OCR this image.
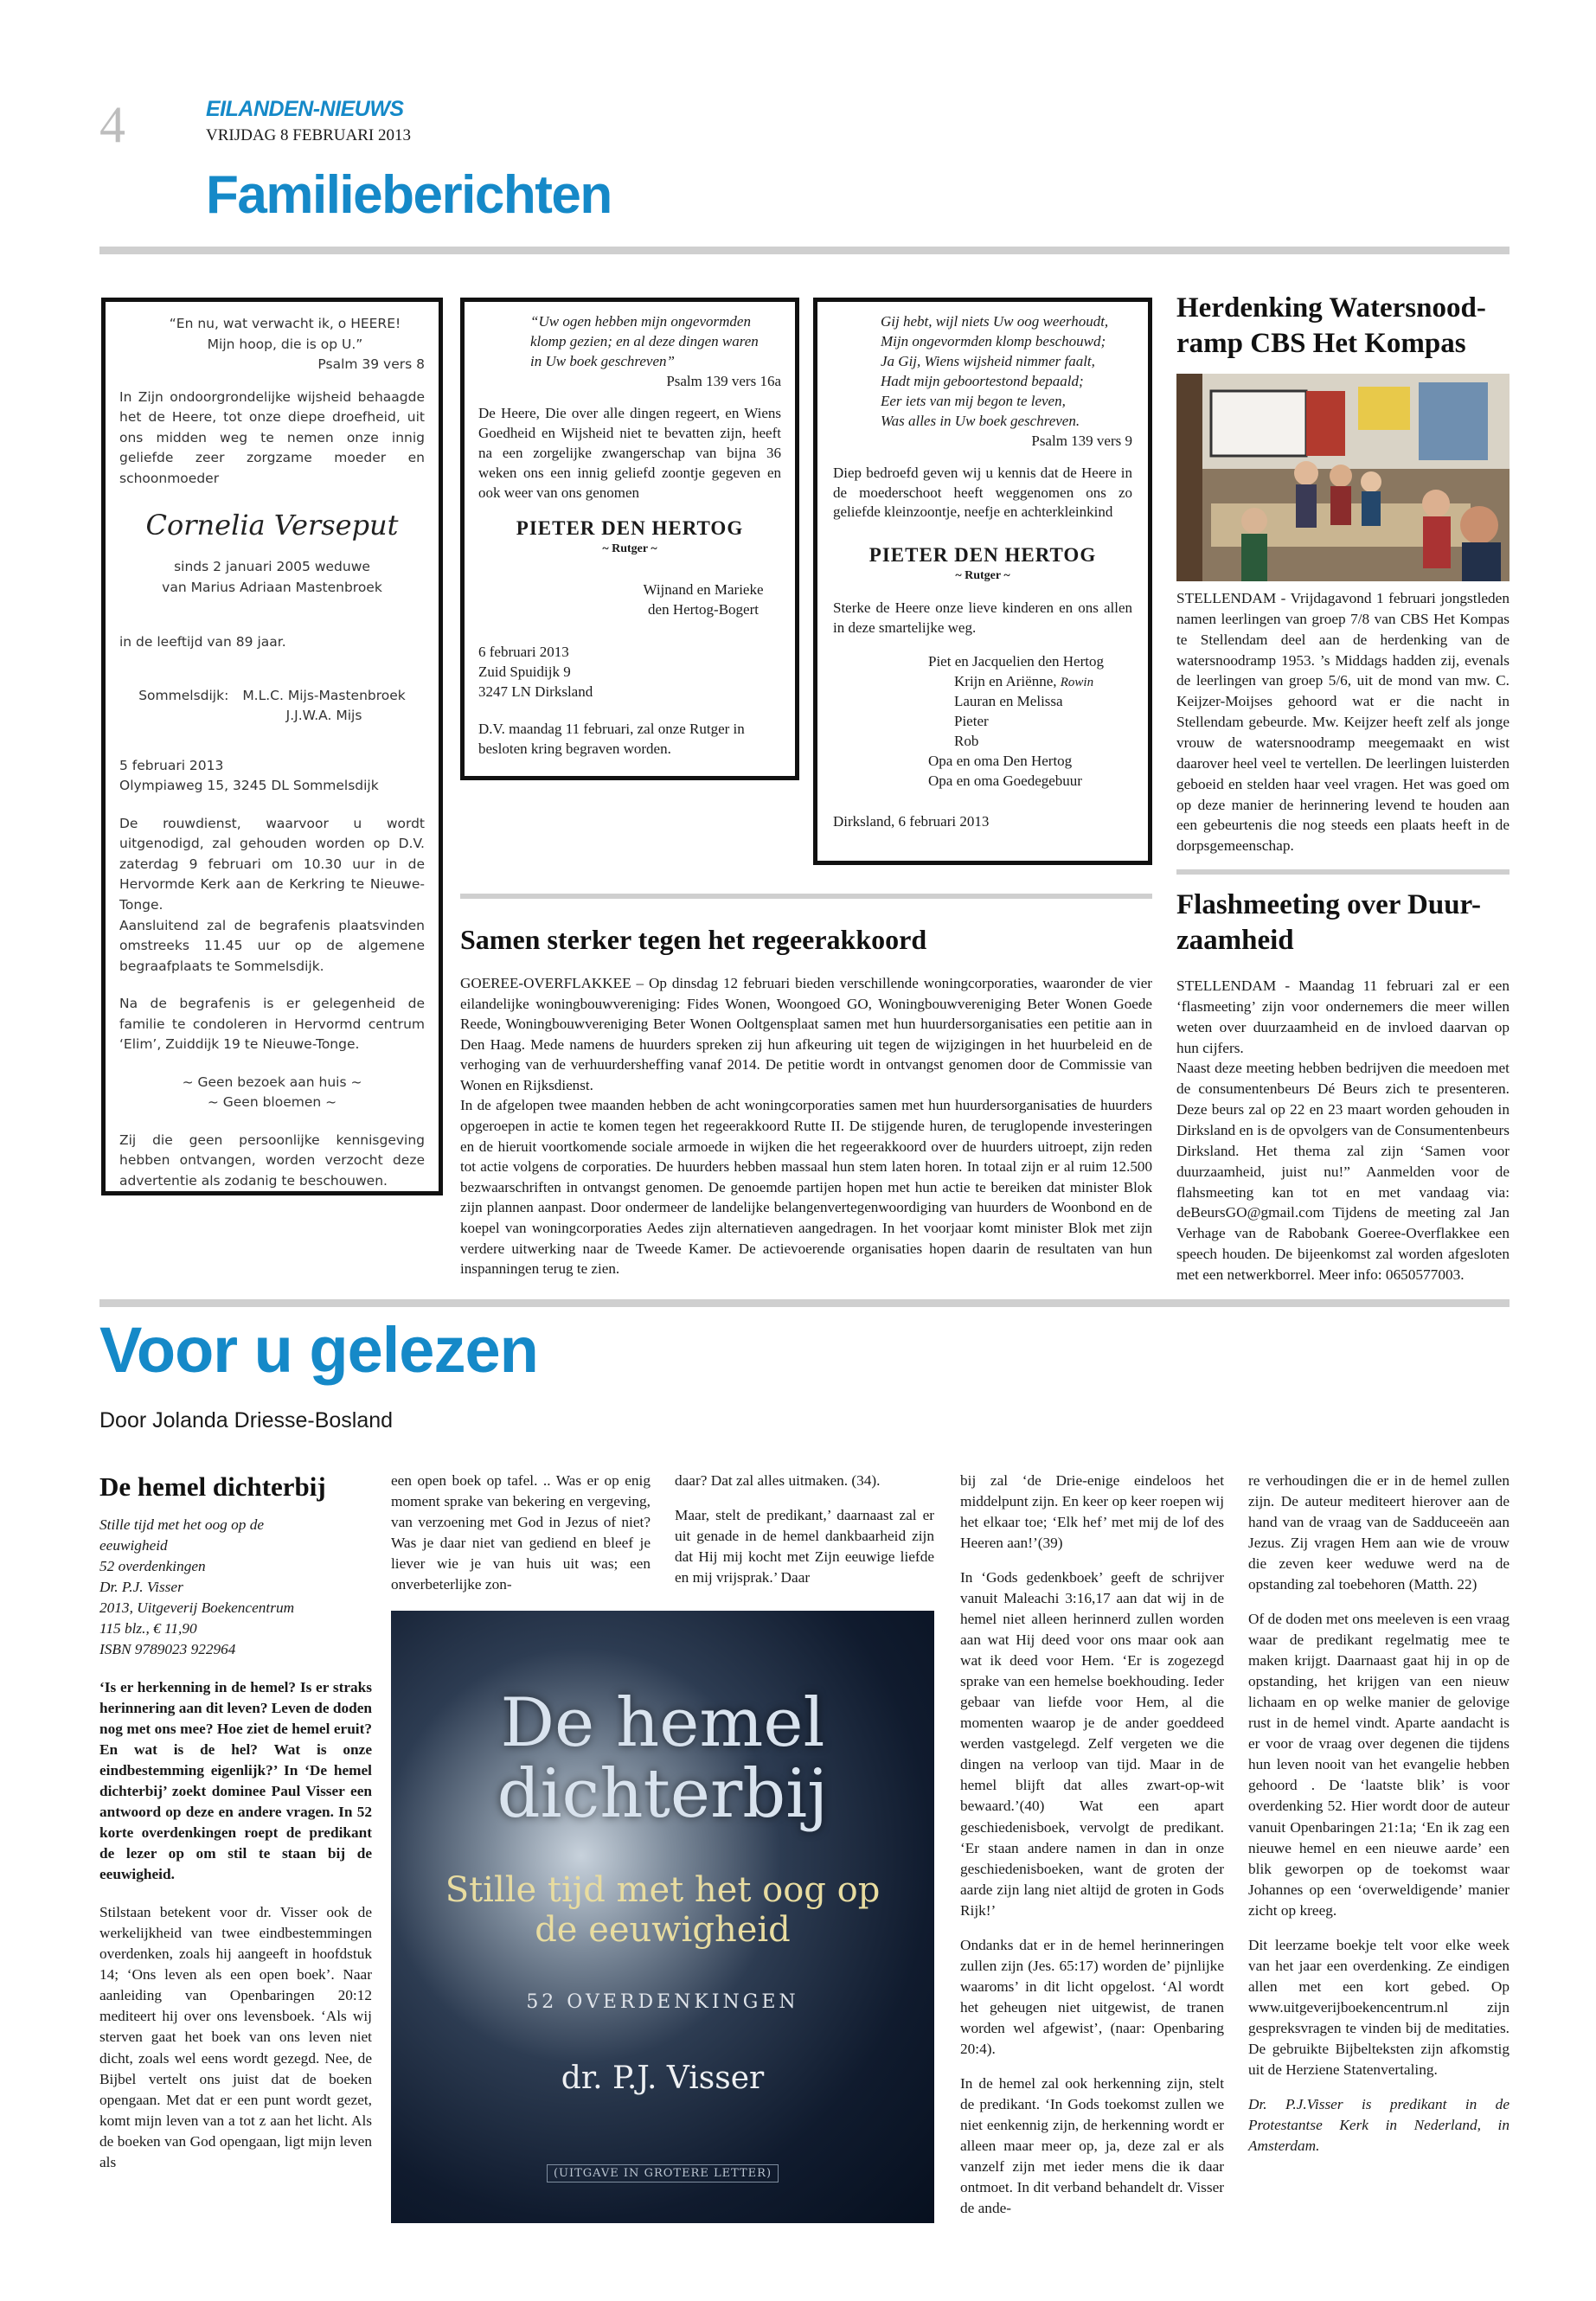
4	EILANDEN-NIEUWS
VRIJDAG 8 FEBRUARI 2013
Familieberichten
“En nu, wat verwacht ik, o HEERE!
Mijn hoop, die is op U.”
Psalm 39 vers 8
In Zijn ondoorgrondelijke wijsheid behaagde het de Heere, tot onze diepe droefheid, uit ons midden weg te nemen onze innig geliefde zeer zorgzame moeder en schoonmoeder
Cornelia Verseput
sinds 2 januari 2005 weduwe
van Marius Adriaan Mastenbroek
in de leeftijd van 89 jaar.
Sommelsdijk: M.L.C. Mijs-Mastenbroek
J.J.W.A. Mijs
5 februari 2013
Olympiaweg 15, 3245 DL Sommelsdijk
De rouwdienst, waarvoor u wordt uitgenodigd, zal gehouden worden op D.V. zaterdag 9 februari om 10.30 uur in de Hervormde Kerk aan de Kerkring te Nieuwe-Tonge.
Aansluitend zal de begrafenis plaatsvinden omstreeks 11.45 uur op de algemene begraafplaats te Sommelsdijk.
Na de begrafenis is er gelegenheid de familie te condoleren in Hervormd centrum ‘Elim’, Zuiddijk 19 te Nieuwe-Tonge.
~ Geen bezoek aan huis ~
~ Geen bloemen ~
Zij die geen persoonlijke kennisgeving hebben ontvangen, worden verzocht deze advertentie als zodanig te beschouwen.
“Uw ogen hebben mijn ongevormden
klomp gezien; en al deze dingen waren
in Uw boek geschreven”
Psalm 139 vers 16a
De Heere, Die over alle dingen regeert, en Wiens Goedheid en Wijsheid niet te bevatten zijn, heeft na een zorgelijke zwangerschap van bijna 36 weken ons een innig geliefd zoontje gegeven en ook weer van ons genomen
PIETER DEN HERTOG
~ Rutger ~
Wijnand en Marieke
den Hertog-Bogert
6 februari 2013
Zuid Spuidijk 9
3247 LN Dirksland
D.V. maandag 11 februari, zal onze Rutger in besloten kring begraven worden.
Gij hebt, wijl niets Uw oog weerhoudt,
Mijn ongevormden klomp beschouwd;
Ja Gij, Wiens wijsheid nimmer faalt,
Hadt mijn geboortestond bepaald;
Eer iets van mij begon te leven,
Was alles in Uw boek geschreven.
Psalm 139 vers 9
Diep bedroefd geven wij u kennis dat de Heere in de moederschoot heeft weggenomen ons zo geliefde kleinzoontje, neefje en achterkleinkind
PIETER DEN HERTOG
~ Rutger ~
Sterke de Heere onze lieve kinderen en ons allen in deze smartelijke weg.
Piet en Jacquelien den Hertog
Krijn en Ariënne, Rowin
Lauran en Melissa
Pieter
Rob
Opa en oma Den Hertog
Opa en oma Goedegebuur
Dirksland, 6 februari 2013
Herdenking Watersnood-
ramp CBS Het Kompas
STELLENDAM - Vrijdagavond 1 februari jongstleden namen leerlingen van groep 7/8 van CBS Het Kompas te Stellendam deel aan de herdenking van de watersnoodramp 1953. ’s Middags hadden zij, evenals de leerlingen van groep 5/6, uit de mond van mw. C. Keijzer-Moijses gehoord wat er die nacht in Stellendam gebeurde. Mw. Keijzer heeft zelf als jonge vrouw de watersnoodramp meegemaakt en wist daarover heel veel te vertellen. De leerlingen luisterden geboeid en stelden haar veel vragen. Het was goed om op deze manier de herinnering levend te houden aan een gebeurtenis die nog steeds een plaats heeft in de dorpsgemeenschap.
Flashmeeting over Duur-
zaamheid
STELLENDAM - Maandag 11 februari zal er een ‘flasmeeting’ zijn voor ondernemers die meer willen weten over duurzaamheid en de invloed daarvan op hun cijfers.
Naast deze meeting hebben bedrijven die meedoen met de consumentenbeurs Dé Beurs zich te presenteren. Deze beurs zal op 22 en 23 maart worden gehouden in Dirksland en is de opvolgers van de Consumentenbeurs Dirksland. Het thema zal zijn ‘Samen voor duurzaamheid, juist nu!” Aanmelden voor de flahsmeeting kan tot en met vandaag via: deBeursGO@gmail.com Tijdens de meeting zal Jan Verhage van de Rabobank Goeree-Overflakkee een speech houden. De bijeenkomst zal worden afgesloten met een netwerkborrel. Meer info: 0650577003.
Samen sterker tegen het regeerakkoord
GOEREE-OVERFLAKKEE – Op dinsdag 12 februari bieden verschillende woningcorporaties, waaronder de vier eilandelijke woningbouwvereniging: Fides Wonen, Woongoed GO, Woningbouwvereniging Beter Wonen Goede Reede, Woningbouwvereniging Beter Wonen Ooltgensplaat samen met hun huurdersorganisaties een petitie aan in Den Haag. Mede namens de huurders spreken zij hun afkeuring uit tegen de wijzigingen in het huurbeleid en de verhoging van de verhuurdersheffing vanaf 2014. De petitie wordt in ontvangst genomen door de Commissie van Wonen en Rijksdienst.
In de afgelopen twee maanden hebben de acht woningcorporaties samen met hun huurdersorganisaties de huurders opgeroepen in actie te komen tegen het regeerakkoord Rutte II. De stijgende huren, de teruglopende investeringen en de hieruit voortkomende sociale armoede in wijken die het regeerakkoord over de huurders uitroept, zijn reden tot actie volgens de corporaties. De huurders hebben massaal hun stem laten horen. In totaal zijn er al ruim 12.500 bezwaarschriften in ontvangst genomen. De genoemde partijen hopen met hun actie te bereiken dat minister Blok zijn plannen aanpast. Door ondermeer de landelijke belangenvertegenwoordiging van huurders de Woonbond en de koepel van woningcorporaties Aedes zijn alternatieven aangedragen. In het voorjaar komt minister Blok met zijn verdere uitwerking naar de Tweede Kamer. De actievoerende organisaties hopen daarin de resultaten van hun inspanningen terug te zien.
Voor u gelezen
Door Jolanda Driesse-Bosland
De hemel dichterbij
Stille tijd met het oog op de
eeuwigheid
52 overdenkingen
Dr. P.J. Visser
2013, Uitgeverij Boekencentrum
115 blz., € 11,90
ISBN 9789023 922964
‘Is er herkenning in de hemel? Is er straks herinnering aan dit leven? Leven de doden nog met ons mee? Hoe ziet de hemel eruit? En wat is de hel? Wat is onze eindbestemming eigenlijk?’ In ‘De hemel dichterbij’ zoekt dominee Paul Visser een antwoord op deze en andere vragen. In 52 korte overdenkingen roept de predikant de lezer op om stil te staan bij de eeuwigheid.
Stilstaan betekent voor dr. Visser ook de werkelijkheid van twee eindbestemmingen overdenken, zoals hij aangeeft in hoofdstuk 14; ‘Ons leven als een open boek’. Naar aanleiding van Openbaringen 20:12 mediteert hij over ons levensboek. ‘Als wij sterven gaat het boek van ons leven niet dicht, zoals wel eens wordt gezegd. Nee, de Bijbel vertelt ons juist dat de boeken opengaan. Met dat er een punt wordt gezet, komt mijn leven van a tot z aan het licht. Als de boeken van God opengaan, ligt mijn leven als
een open boek op tafel. .. Was er op enig moment sprake van bekering en vergeving, van verzoening met God in Jezus of niet? Was je daar niet van gediend en bleef je liever wie je van huis uit was; een onverbeterlijke zon-

daar? Dat zal alles uitmaken. (34).

Maar, stelt de predikant,’ daarnaast zal er uit genade in de hemel dankbaarheid zijn dat Hij mij kocht met Zijn eeuwige liefde en mij vrijsprak.’ Daar

De hemel
dichterbij
Stille tijd met het oog op
de eeuwigheid
52 OVERDENKINGEN
dr. P.J. Visser
(UITGAVE IN GROTERE LETTER)

bij zal ‘de Drie-enige eindeloos het middelpunt zijn. En keer op keer roepen wij het elkaar toe; ‘Elk hef’ met mij de lof des Heeren aan!’(39)

In ‘Gods gedenkboek’ geeft de schrijver vanuit Maleachi 3:16,17 aan dat wij in de hemel niet alleen herinnerd zullen worden aan wat Hij deed voor ons maar ook aan wat ik deed voor Hem. ‘Er is zogezegd sprake van een hemelse boekhouding. Ieder gebaar van liefde voor Hem, al die momenten waarop je de ander goeddeed werden vastgelegd. Zelf vergeten we die dingen na verloop van tijd. Maar in de hemel blijft dat alles zwart-op-wit bewaard.’(40) Wat een apart geschiedenisboek, vervolgt de predikant. ‘Er staan andere namen in dan in onze geschiedenisboeken, want de groten der aarde zijn lang niet altijd de groten in Gods Rijk!’

Ondanks dat er in de hemel herinneringen zullen zijn (Jes. 65:17) worden de’ pijnlijke waaroms’ in dit licht opgelost. ‘Al wordt het geheugen niet uitgewist, de tranen worden wel afgewist’, (naar: Openbaring 20:4).

In de hemel zal ook herkenning zijn, stelt de predikant. ‘In Gods toekomst zullen we niet eenkennig zijn, de herkenning wordt er alleen maar meer op, ja, deze zal er als vanzelf zijn met ieder mens die ik daar ontmoet. In dit verband behandelt dr. Visser de ande-

re verhoudingen die er in de hemel zullen zijn. De auteur mediteert hierover aan de hand van de vraag van de Sadduceeën aan Jezus. Zij vragen Hem aan wie de vrouw die zeven keer weduwe werd na de opstanding zal toebehoren (Matth. 22)

Of de doden met ons meeleven is een vraag waar de predikant regelmatig mee te maken krijgt. Daarnaast gaat hij in op de opstanding, het krijgen van een nieuw lichaam en op welke manier de gelovige rust in de hemel vindt. Aparte aandacht is er voor de vraag over degenen die tijdens hun leven nooit van het evangelie hebben gehoord . De ‘laatste blik’ is voor overdenking 52. Hier wordt door de auteur vanuit Openbaringen 21:1a; ‘En ik zag een nieuwe hemel en een nieuwe aarde’ een blik geworpen op de toekomst waar Johannes op een ‘overweldigende’ manier zicht op kreeg.

Dit leerzame boekje telt voor elke week van het jaar een overdenking. Ze eindigen allen met een kort gebed. Op www.uitgeverijboekencentrum.nl zijn gespreksvragen te vinden bij de meditaties. De gebruikte Bijbelteksten zijn afkomstig uit de Herziene Statenvertaling.

Dr. P.J.Visser is predikant in de Protestantse Kerk in Nederland, in Amsterdam.
